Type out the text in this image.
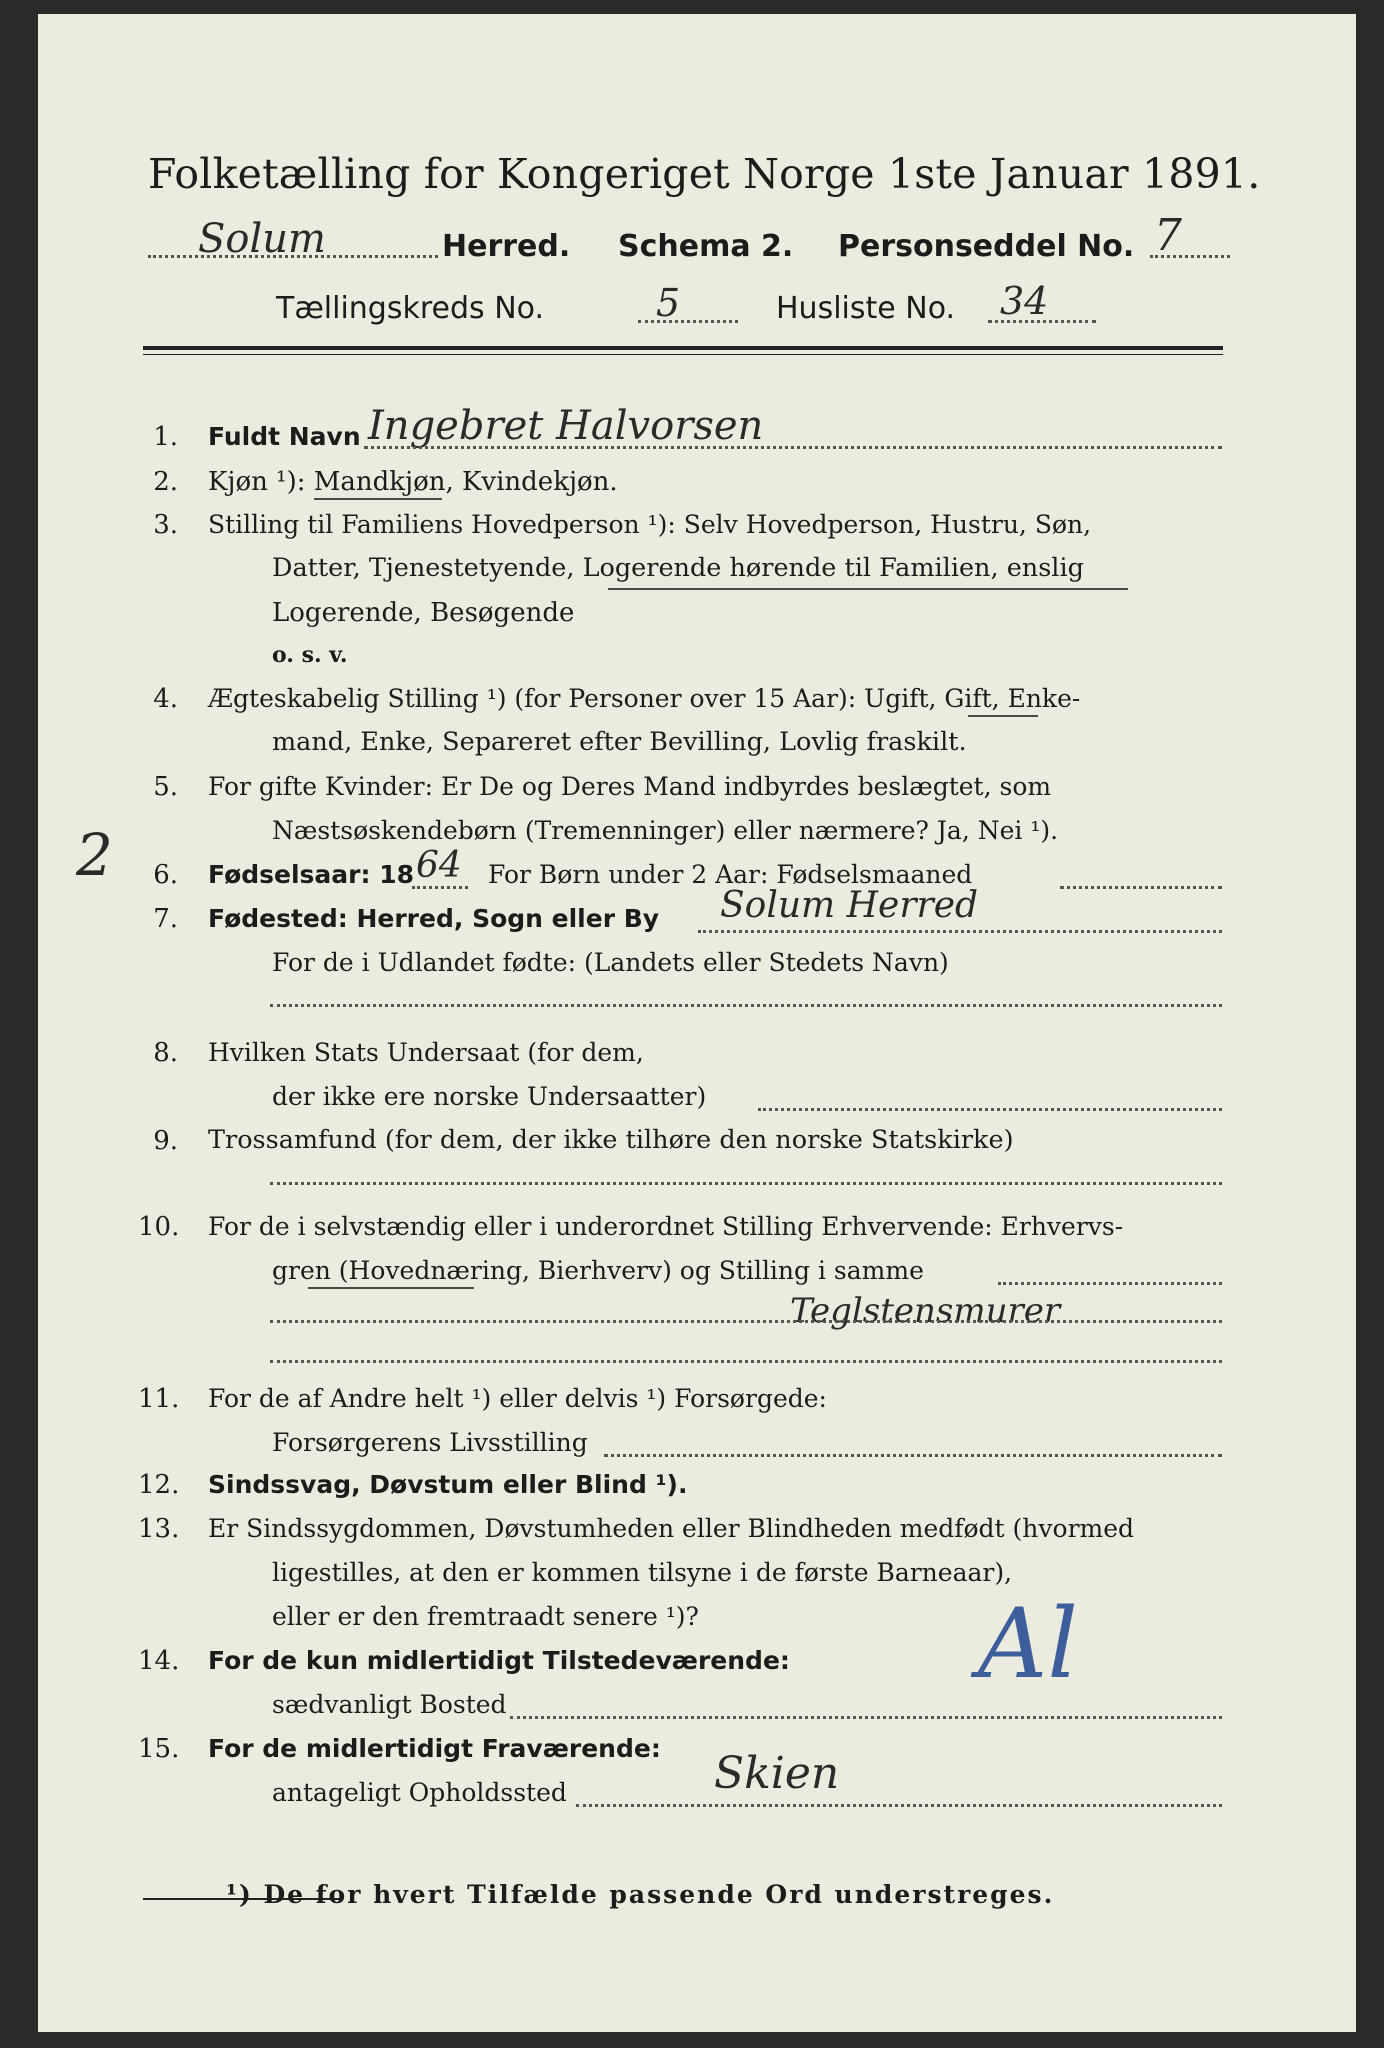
Folketælling for Kongeriget Norge 1ste Januar 1891.
Solum	Herred. Schema 2. Personseddel No. 7
Tællingskreds No.	5	Husliste No. 34
1. Fuldt Navn Ingebret Halvorsen
2. Kjøn ¹): Mandkjøn, Kvindekjøn.
3. Stilling til Familiens Hovedperson ¹): Selv Hovedperson, Hustru, Søn,
Datter, Tjenestetyende, Logerende hørende til Familien, enslig
Logerende, Besøgende
o. s. v.
4. Ægteskabelig Stilling ¹) (for Personer over 15 Aar): Ugift, Gift, Enke-
mand, Enke, Separeret efter Bevilling, Lovlig fraskilt.
5. For gifte Kvinder: Er De og Deres Mand indbyrdes beslægtet, som
Næstsøskendebørn (Tremenninger) eller nærmere? Ja, Nei ¹).
2	6. Fødselsaar: 18 64 For Børn under 2 Aar: Fødselsmaaned
7. Fødested: Herred, Sogn eller By Solum Herred
For de i Udlandet fødte: (Landets eller Stedets Navn)
8. Hvilken Stats Undersaat (for dem,
der ikke ere norske Undersaatter)
9. Trossamfund (for dem, der ikke tilhøre den norske Statskirke)
10. For de i selvstændig eller i underordnet Stilling Erhvervende: Erhvervs-
gren (Hovednæring, Bierhverv) og Stilling i samme
Teglstensmurer
11. For de af Andre helt ¹) eller delvis ¹) Forsørgede:
Forsørgerens Livsstilling
12. Sindssvag, Døvstum eller Blind ¹).
13. Er Sindssygdommen, Døvstumheden eller Blindheden medfødt (hvormed
ligestilles, at den er kommen tilsyne i de første Barneaar),
eller er den fremtraadt senere ¹)?	Al
14. For de kun midlertidigt Tilstedeværende:
sædvanligt Bosted
15. For de midlertidigt Fraværende:
antageligt Opholdssted	Skien
¹) De for hvert Tilfælde passende Ord understreges.
